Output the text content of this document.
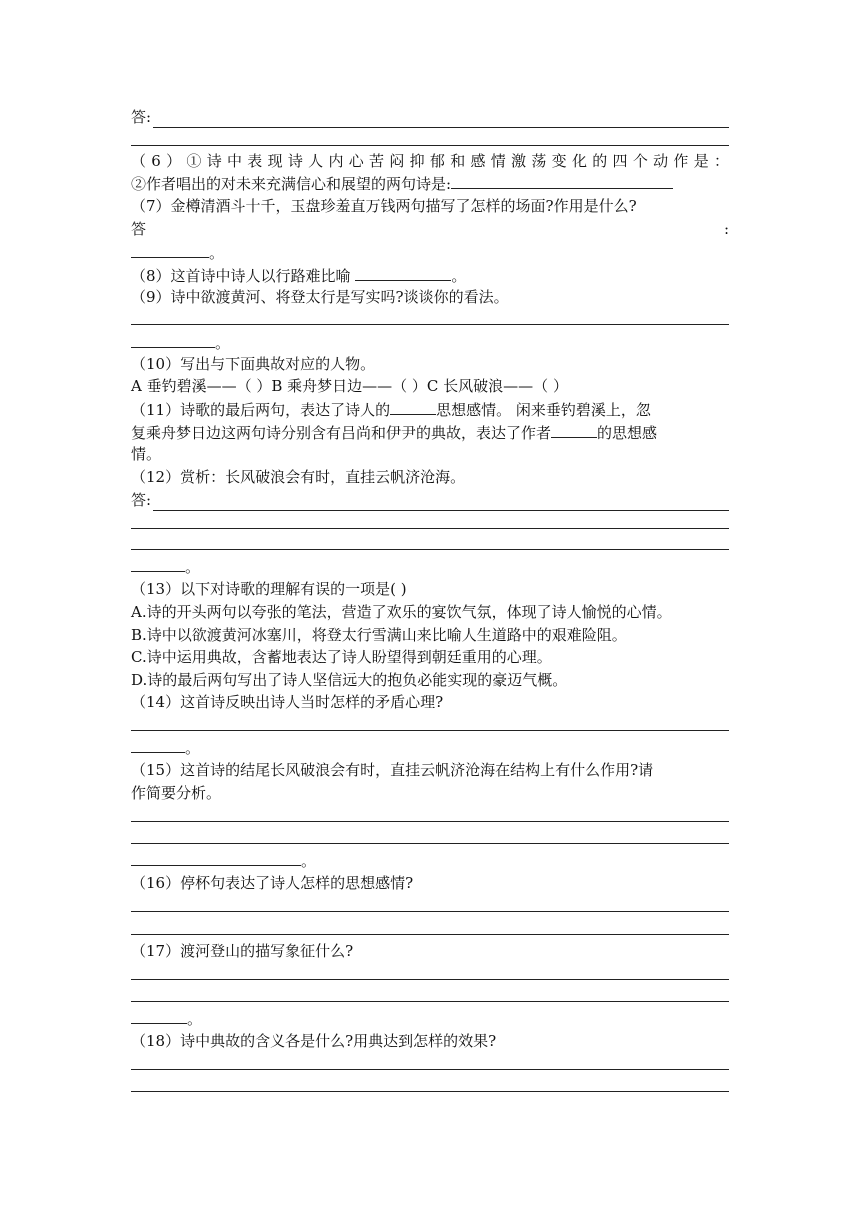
答:
（6）①诗中表现诗人内心苦闷抑郁和感情激荡变化的四个动作是：
②作者唱出的对未来充满信心和展望的两句诗是:
（7）金樽清酒斗十千，玉盘珍羞直万钱两句描写了怎样的场面?作用是什么?
答	:
。
（8）这首诗中诗人以行路难比喻	。
（9）诗中欲渡黄河、将登太行是写实吗?谈谈你的看法。
。
（10）写出与下面典故对应的人物。
A 垂钓碧溪——（ ）B 乘舟梦日边——（ ）C 长风破浪——（ ）
（11）诗歌的最后两句，表达了诗人的	思想感情。 闲来垂钓碧溪上，忽
复乘舟梦日边这两句诗分别含有吕尚和伊尹的典故，表达了作者	的思想感
情。
（12）赏析：长风破浪会有时，直挂云帆济沧海。
答:
。
（13）以下对诗歌的理解有误的一项是( )
A.诗的开头两句以夸张的笔法，营造了欢乐的宴饮气氛，体现了诗人愉悦的心情。
B.诗中以欲渡黄河冰塞川，将登太行雪满山来比喻人生道路中的艰难险阻。
C.诗中运用典故，含蓄地表达了诗人盼望得到朝廷重用的心理。
D.诗的最后两句写出了诗人坚信远大的抱负必能实现的豪迈气概。
（14）这首诗反映出诗人当时怎样的矛盾心理?
。
（15）这首诗的结尾长风破浪会有时，直挂云帆济沧海在结构上有什么作用?请
作简要分析。
。
（16）停杯句表达了诗人怎样的思想感情?
（17）渡河登山的描写象征什么?
。
（18）诗中典故的含义各是什么?用典达到怎样的效果?
